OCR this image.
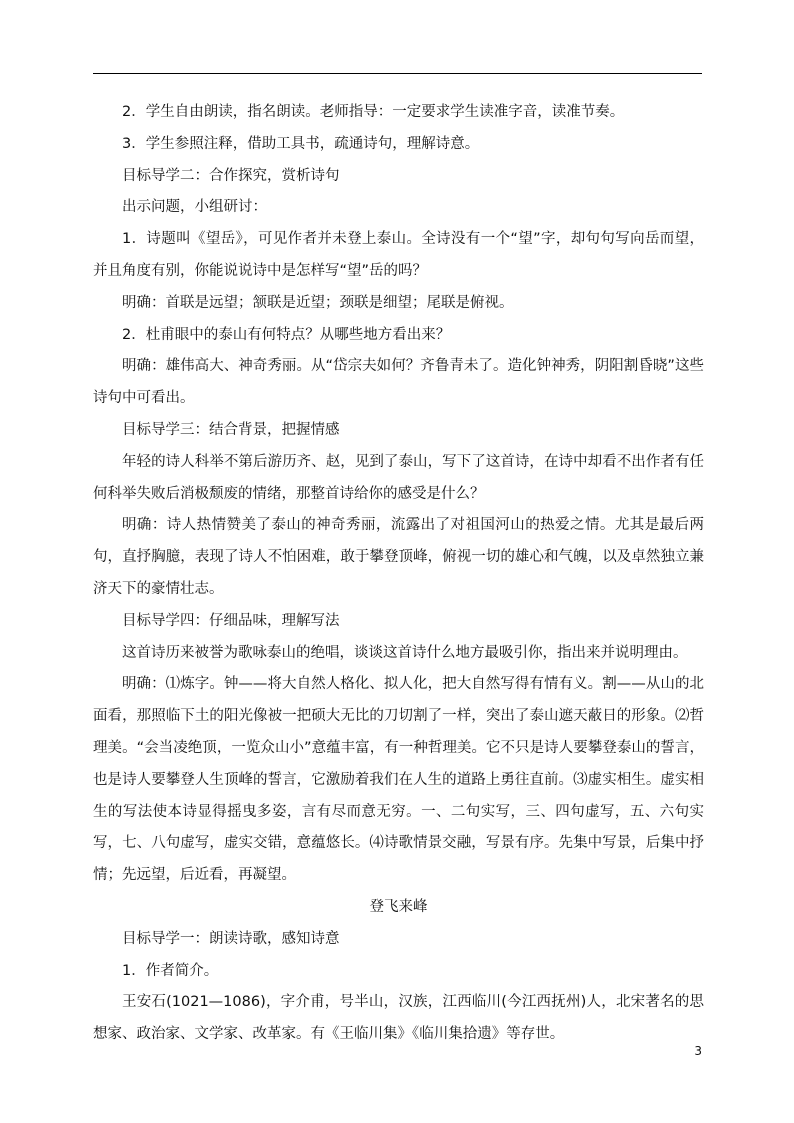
2．学生自由朗读，指名朗读。老师指导：一定要求学生读准字音，读准节奏。

3．学生参照注释，借助工具书，疏通诗句，理解诗意。

目标导学二：合作探究，赏析诗句

出示问题，小组研讨：

1．诗题叫《望岳》，可见作者并未登上泰山。全诗没有一个“望”字，却句句写向岳而望，并且角度有别，你能说说诗中是怎样写“望”岳的吗？

明确：首联是远望；颔联是近望；颈联是细望；尾联是俯视。

2．杜甫眼中的泰山有何特点？从哪些地方看出来？

明确：雄伟高大、神奇秀丽。从“岱宗夫如何？齐鲁青未了。造化钟神秀，阴阳割昏晓”这些诗句中可看出。

目标导学三：结合背景，把握情感

年轻的诗人科举不第后游历齐、赵，见到了泰山，写下了这首诗，在诗中却看不出作者有任何科举失败后消极颓废的情绪，那整首诗给你的感受是什么？

明确：诗人热情赞美了泰山的神奇秀丽，流露出了对祖国河山的热爱之情。尤其是最后两句，直抒胸臆，表现了诗人不怕困难，敢于攀登顶峰，俯视一切的雄心和气魄，以及卓然独立兼济天下的豪情壮志。

目标导学四：仔细品味，理解写法

这首诗历来被誉为歌咏泰山的绝唱，谈谈这首诗什么地方最吸引你，指出来并说明理由。

明确：⑴炼字。钟——将大自然人格化、拟人化，把大自然写得有情有义。割——从山的北面看，那照临下土的阳光像被一把硕大无比的刀切割了一样，突出了泰山遮天蔽日的形象。⑵哲理美。“会当凌绝顶，一览众山小”意蕴丰富，有一种哲理美。它不只是诗人要攀登泰山的誓言，也是诗人要攀登人生顶峰的誓言，它激励着我们在人生的道路上勇往直前。⑶虚实相生。虚实相生的写法使本诗显得摇曳多姿，言有尽而意无穷。一、二句实写，三、四句虚写，五、六句实写，七、八句虚写，虚实交错，意蕴悠长。⑷诗歌情景交融，写景有序。先集中写景，后集中抒情；先远望，后近看，再凝望。

登飞来峰

目标导学一：朗读诗歌，感知诗意

1．作者简介。

王安石(1021—1086)，字介甫，号半山，汉族，江西临川(今江西抚州)人，北宋著名的思想家、政治家、文学家、改革家。有《王临川集》《临川集拾遗》等存世。

3
